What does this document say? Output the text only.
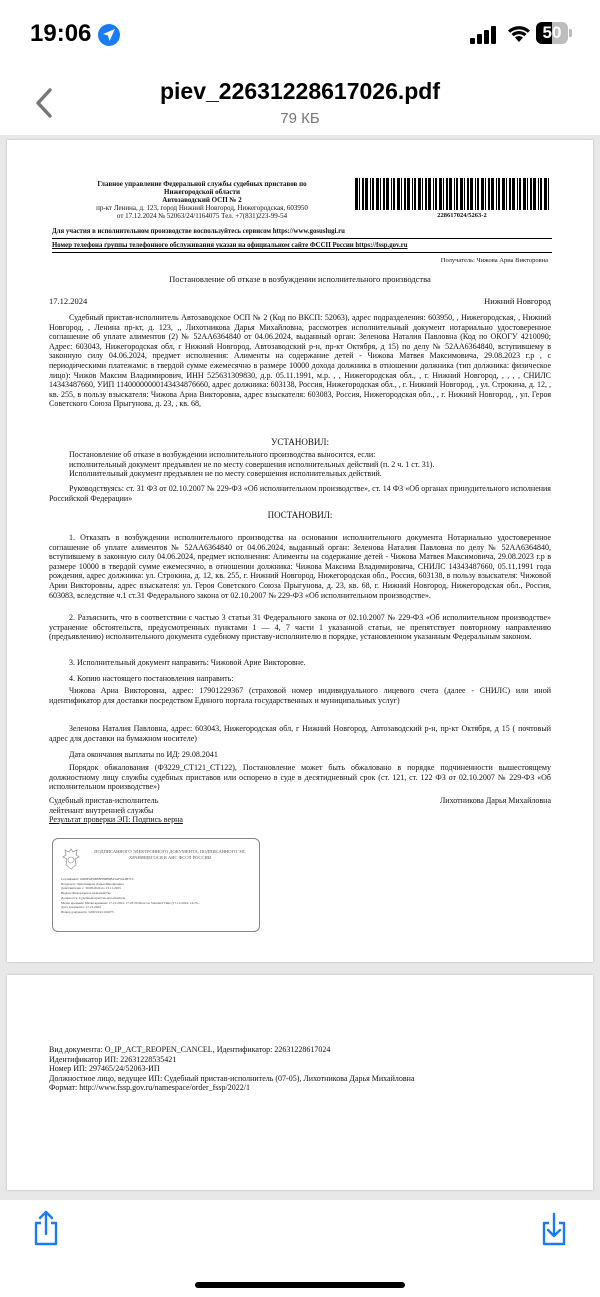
19:06	50
piev_22631228617026.pdf
79 КБ
Главное управление Федеральной службы судебных приставов по
Нижегородской области
Автозаводский ОСП № 2
пр-кт Ленина, д. 123, город Нижний Новгород, Нижегородская, 603950
от 17.12.2024 № 52063/24/1164075 Тел. +7(831)223-99-54	228617024/5263-2
Для участия в исполнительном производстве воспользуйтесь сервисом https://www.gosuslugi.ru
Номер телефона группы телефонного обслуживания указан на официальном сайте ФССП России https://fssp.gov.ru
Получатель: Чижова Ариа Викторовна
Постановление об отказе в возбуждении исполнительного производства
17.12.2024	Нижний Новгород
Судебный пристав-исполнитель Автозаводское ОСП № 2 (Код по ВКСП: 52063), адрес подразделения: 603950, , Нижегородская, , Нижний Новгород, , Ленина пр-кт, д. 123, ,, Лихотникова Дарья Михайловна, рассмотрев исполнительный документ нотариально удостоверенное соглашение об уплате алиментов (2) № 52АА6364840 от 04.06.2024, выданный орган: Зеленова Наталия Павловна (Код по ОКОГУ 4210090; Адрес: 603043, Нижегородская обл, г Нижний Новгород, Автозаводский р-н, пр-кт Октября, д 15) по делу № 52АА6364840, вступившему в законную силу 04.06.2024, предмет исполнения: Алименты на содержание детей - Чижова Матвея Максимовича, 29.08.2023 г.р , с периодическими платежами: в твердой сумме ежемесячно в размере 10000 дохода должника в отношении должника (тип должника: физическое лицо): Чижов Максим Владимирович, ИНН 525631309830, д.р. 05.11.1991, м.р. , , Нижегородская обл., , г. Нижний Новгород, , , , , СНИЛС 14343487660, УИП 11400000000143434876660, адрес должника: 603138, Россия, Нижегородская обл., , г. Нижний Новгород, , ул. Строкина, д. 12, , кв. 255, в пользу взыскателя: Чижова Ариа Викторовна, адрес взыскателя: 603083, Россия, Нижегородская обл., , г. Нижний Новгород, , ул. Героя Советского Союза Прыгунова, д. 23, , кв. 68,
УСТАНОВИЛ:
Постановление об отказе в возбуждении исполнительного производства выносится, если:
исполнительный документ предъявлен не по месту совершения исполнительных действий (п. 2 ч. 1 ст. 31).
Исполнительный документ предъявлен не по месту совершения исполнительных действий.
Руководствуясь: ст. 31 ФЗ от 02.10.2007 № 229-ФЗ «Об исполнительном производстве», ст. 14 ФЗ «Об органах принудительного исполнения Российской Федерации»
ПОСТАНОВИЛ:
1. Отказать в возбуждении исполнительного производства на основании исполнительного документа Нотариально удостоверенное соглашение об уплате алиментов № 52АА6364840 от 04.06.2024, выданный орган: Зеленова Наталия Павловна по делу № 52АА6364840, вступившему в законную силу 04.06.2024, предмет исполнения: Алименты на содержание детей - Чижова Матвея Максимовича, 29.08.2023 г.р в размере 10000 в твердой сумме ежемесячно, в отношении должника: Чижова Максима Владимировича, СНИЛС 14343487660, 05.11.1991 года рождения, адрес должника: ул. Строкина, д. 12, кв. 255, г. Нижний Новгород, Нижегородская обл., Россия, 603138, в пользу взыскателя: Чижовой Арии Викторовны, адрес взыскателя: ул. Героя Советского Союза Прыгунова, д. 23, кв. 68, г. Нижний Новгород, Нижегородская обл., Россия, 603083, вследствие ч.1 ст.31 Федерального закона от 02.10.2007 № 229-ФЗ «Об исполнительном производстве».
2. Разъяснить, что в соответствии с частью 3 статьи 31 Федерального закона от 02.10.2007 № 229-ФЗ «Об исполнительном производстве» устранение обстоятельств, предусмотренных пунктами 1 — 4, 7 части 1 указанной статьи, не препятствует повторному направлению (предъявлению) исполнительного документа судебному приставу-исполнителю в порядке, установленном указанным Федеральным законом.
3. Исполнительный документ направить: Чижовой Арие Викторовне.
4. Копию настоящего постановления направить:
Чижова Ариа Викторовна, адрес: 17901229367 (страховой номер индивидуального лицевого счета (далее - СНИЛС) или иной идентификатор для доставки посредством Единого портала государственных и муниципальных услуг)
Зеленова Наталия Павловна, адрес: 603043, Нижегородская обл, г Нижний Новгород, Автозаводский р-н, пр-кт Октября, д 15 ( почтовый адрес для доставки на бумажном носителе)
Дата окончания выплаты по ИД: 29.08.2041
Порядок обжалования (Ф3229_СТ121_СТ122), Постановление может быть обжаловано в порядке подчиненности вышестоящему должностному лицу службы судебных приставов или оспорено в суде в десятидневный срок (ст. 121, ст. 122 ФЗ от 02.10.2007 № 229-ФЗ «Об исполнительном производстве»)
Судебный пристав-исполнитель
лейтенант внутренней службы
Результат проверки ЭП: Подпись верна
Лихотникова Дарья Михайловна
ПОДПИСАННОГО ЭЛЕКТРОННОГО ДОКУМЕНТА, ПОДПИСАННОГО ЭП, ХРАНЯЩЕГОСЯ В АИС ФССП РОССИИ
Сертификат: 0499FAE96E8EB9B9B45AF9A4B7CC
Владелец: Лихотникова Дарья Михайловна
Действителен с: 30.08.2024 по 23.11.2025
Выдан: Федеральное казначейство
Должность: Судебный пристав-исполнитель
Метка времени: Метка времени: 17.12.2024, 17:23:30 Moscow Standard Time (17.12.2024, 14:23...
Дата документа: 17.12.2024
Номер документа: 52063/24/1164075
Вид документа: O_IP_ACT_REOPEN_CANCEL, Идентификатор: 22631228617024
Идентификатор ИП: 22631228535421
Номер ИП: 297465/24/52063-ИП
Должностное лицо, ведущее ИП: Судебный пристав-исполнитель (07-05), Лихотникова Дарья Михайловна
Формат: http://www.fssp.gov.ru/namespace/order_fssp/2022/1
